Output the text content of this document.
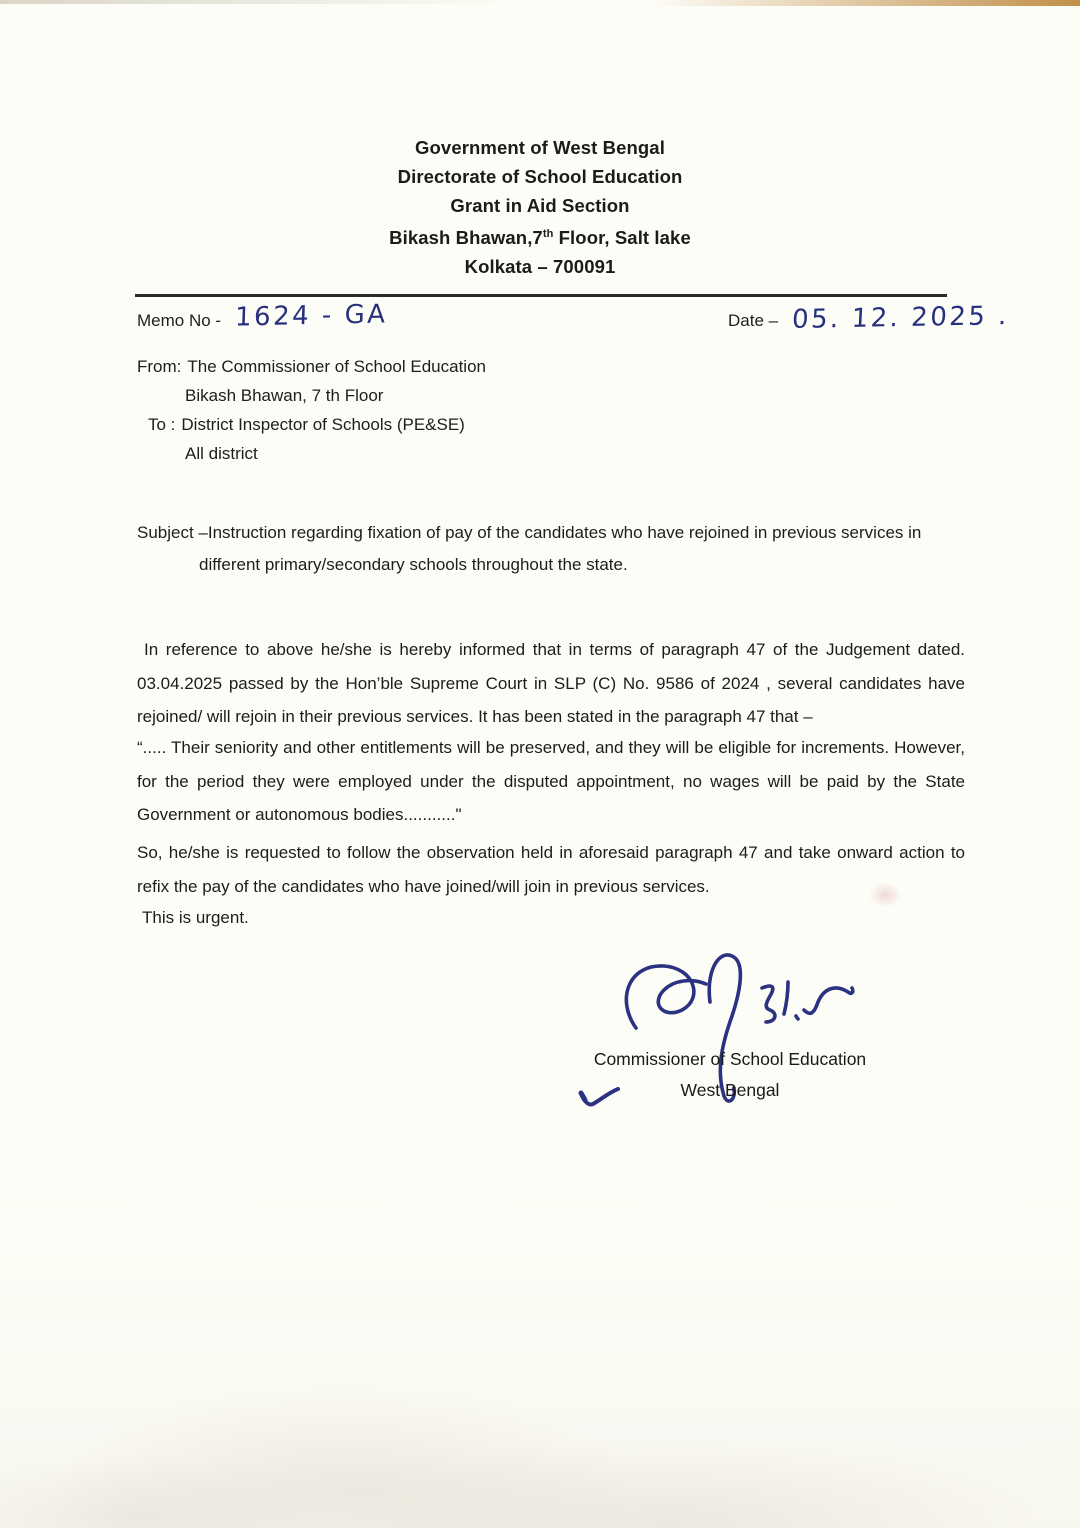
Government of West Bengal
Directorate of School Education
Grant in Aid Section
Bikash Bhawan,7th Floor, Salt lake
Kolkata – 700091
Memo No - 1624 - GA	Date – 05. 12. 2025 .
From: The Commissioner of School Education
Bikash Bhawan, 7 th Floor
To : District Inspector of Schools (PE&SE)
All district
Subject –Instruction regarding fixation of pay of the candidates who have rejoined in previous services in different primary/secondary schools throughout the state.
In reference to above he/she is hereby informed that in terms of paragraph 47 of the Judgement dated. 03.04.2025 passed by the Hon’ble Supreme Court in SLP (C) No. 9586 of 2024 , several candidates have rejoined/ will rejoin in their previous services. It has been stated in the paragraph 47 that –
“..... Their seniority and other entitlements will be preserved, and they will be eligible for increments. However, for the period they were employed under the disputed appointment, no wages will be paid by the State Government or autonomous bodies..........."
So, he/she is requested to follow the observation held in aforesaid paragraph 47 and take onward action to refix the pay of the candidates who have joined/will join in previous services.
This is urgent.
Commissioner of School Education
West Bengal
